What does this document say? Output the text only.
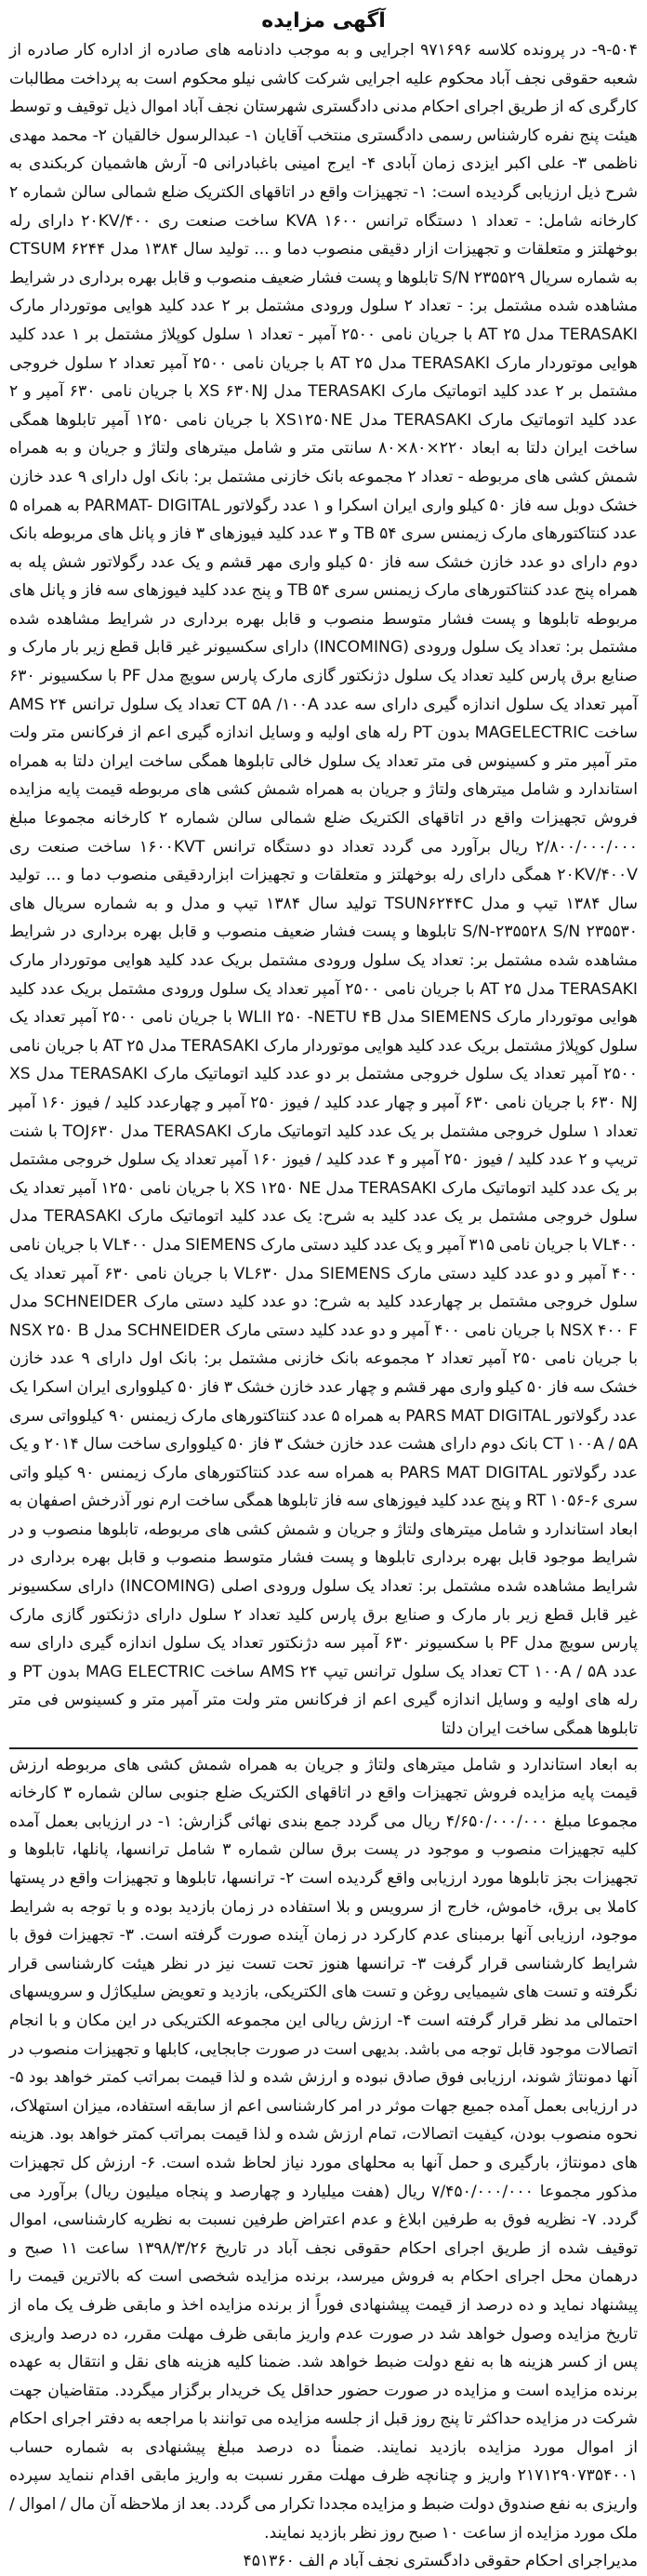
آگهی مزایده

۹-۵۰۴- در پرونده کلاسه ۹۷۱۶۹۶ اجرایی و به موجب دادنامه های صادره از اداره کار صادره از شعبه حقوقی نجف آباد محکوم علیه اجرایی شرکت کاشی نیلو محکوم است به پرداخت مطالبات کارگری که از طریق اجرای احکام مدنی دادگستری شهرستان نجف آباد اموال ذیل توقیف و توسط هیئت پنج نفره کارشناس رسمی دادگستری منتخب آقایان ۱- عبدالرسول خالقیان ۲- محمد مهدی ناظمی ۳- علی اکبر ایزدی زمان آبادی ۴- ایرج امینی باغبادرانی ۵- آرش هاشمیان کربکندی به شرح ذیل ارزیابی گردیده است: ۱- تجهیزات واقع در اتاقهای الکتریک ضلع شمالی سالن شماره ۲ کارخانه شامل: - تعداد ۱ دستگاه ترانس ۱۶۰۰ KVA ساخت صنعت ری ۲۰KV/۴۰۰ دارای رله بوخهلتز و متعلقات و تجهیزات ازار دقیقی منصوب دما و ... تولید سال ۱۳۸۴ مدل CTSUM ۶۲۴۴ به شماره سریال S/N ۲۳۵۵۲۹ تابلوها و پست فشار ضعیف منصوب و قابل بهره برداری در شرایط مشاهده شده مشتمل بر: - تعداد ۲ سلول ورودی مشتمل بر ۲ عدد کلید هوایی موتوردار مارک TERASAKI مدل AT ۲۵ با جریان نامی ۲۵۰۰ آمپر - تعداد ۱ سلول کوپلاژ مشتمل بر ۱ عدد کلید هوایی موتوردار مارک TERASAKI مدل AT ۲۵ با جریان نامی ۲۵۰۰ آمپر تعداد ۲ سلول خروجی مشتمل بر ۲ عدد کلید اتوماتیک مارک TERASAKI مدل XS ۶۳۰NJ با جریان نامی ۶۳۰ آمپر و ۲ عدد کلید اتوماتیک مارک TERASAKI مدل XS۱۲۵۰NE با جریان نامی ۱۲۵۰ آمپر تابلوها همگی ساخت ایران دلتا به ابعاد ۲۲۰×۸۰×۸۰ سانتی متر و شامل میترهای ولتاژ و جریان و به همراه شمش کشی های مربوطه - تعداد ۲ مجموعه بانک خازنی مشتمل بر: بانک اول دارای ۹ عدد خازن خشک دوبل سه فاز ۵۰ کیلو واری ایران اسکرا و ۱ عدد رگولاتور PARMAT- DIGITAL به همراه ۵ عدد کنتاکتورهای مارک زیمنس سری TB ۵۴ و ۳ عدد کلید فیوزهای ۳ فاز و پانل های مربوطه بانک دوم دارای دو عدد خازن خشک سه فاز ۵۰ کیلو واری مهر قشم و یک عدد رگولاتور شش پله به همراه پنج عدد کنتاکتورهای مارک زیمنس سری TB ۵۴ و پنج عدد کلید فیوزهای سه فاز و پانل های مربوطه تابلوها و پست فشار متوسط منصوب و قابل بهره برداری در شرایط مشاهده شده مشتمل بر: تعداد یک سلول ورودی (INCOMING) دارای سکسیونر غیر قابل قطع زیر بار مارک و صنایع برق پارس کلید تعداد یک سلول دژنکتور گازی مارک پارس سویچ مدل PF با سکسیونر ۶۳۰ آمپر تعداد یک سلول اندازه گیری دارای سه عدد CT ۵A /۱۰۰A تعداد یک سلول ترانس AMS ۲۴ ساخت MAGELECTRIC بدون PT رله های اولیه و وسایل اندازه گیری اعم از فرکانس متر ولت متر آمپر متر و کسینوس فی متر تعداد یک سلول خالی تابلوها همگی ساخت ایران دلتا به همراه استاندارد و شامل میترهای ولتاژ و جریان به همراه شمش کشی های مربوطه قیمت پایه مزایده فروش تجهیزات واقع در اتاقهای الکتریک ضلع شمالی سالن شماره ۲ کارخانه مجموعا مبلغ ۲/۸۰۰/۰۰۰/۰۰۰ ریال برآورد می گردد تعداد دو دستگاه ترانس ۱۶۰۰KVT ساخت صنعت ری ۲۰KV/۴۰۰V همگی دارای رله بوخهلتز و متعلقات و تجهیزات ابزاردقیقی منصوب دما و ... تولید سال ۱۳۸۴ تیپ و مدل TSUN۶۲۴۴C تولید سال ۱۳۸۴ تیپ و مدل و به شماره سریال های S/N-۲۳۵۵۲۸ S/N ۲۳۵۵۳۰ تابلوها و پست فشار ضعیف منصوب و قابل بهره برداری در شرایط مشاهده شده مشتمل بر: تعداد یک سلول ورودی مشتمل بریک عدد کلید هوایی موتوردار مارک TERASAKI مدل AT ۲۵ با جریان نامی ۲۵۰۰ آمپر تعداد یک سلول ورودی مشتمل بریک عدد کلید هوایی موتوردار مارک SIEMENS مدل WLII ۲۵۰ -NETU ۴B با جریان نامی ۲۵۰۰ آمپر تعداد یک سلول کوپلاژ مشتمل بریک عدد کلید هوایی موتوردار مارک TERASAKI مدل AT ۲۵ با جریان نامی ۲۵۰۰ آمپر تعداد یک سلول خروجی مشتمل بر دو عدد کلید اتوماتیک مارک TERASAKI مدل XS ۶۳۰ NJ با جریان نامی ۶۳۰ آمپر و چهار عدد کلید / فیوز ۲۵۰ آمپر و چهارعدد کلید / فیوز ۱۶۰ آمپر تعداد ۱ سلول خروجی مشتمل بر یک عدد کلید اتوماتیک مارک TERASAKI مدل TOJ۶۳۰ با شنت تریپ و ۲ عدد کلید / فیوز ۲۵۰ آمپر و ۴ عدد کلید / فیوز ۱۶۰ آمپر تعداد یک سلول خروجی مشتمل بر یک عدد کلید اتوماتیک مارک TERASAKI مدل XS ۱۲۵۰ NE با جریان نامی ۱۲۵۰ آمپر تعداد یک سلول خروجی مشتمل بر یک عدد کلید به شرح: یک عدد کلید اتوماتیک مارک TERASAKI مدل VL۴۰۰ با جریان نامی ۳۱۵ آمپر و یک عدد کلید دستی مارک SIEMENS مدل VL۴۰۰ با جریان نامی ۴۰۰ آمپر و دو عدد کلید دستی مارک SIEMENS مدل VL۶۳۰ با جریان نامی ۶۳۰ آمپر تعداد یک سلول خروجی مشتمل بر چهارعدد کلید به شرح: دو عدد کلید دستی مارک SCHNEIDER مدل NSX ۴۰۰ F با جریان نامی ۴۰۰ آمپر و دو عدد کلید دستی مارک SCHNEIDER مدل NSX ۲۵۰ B با جریان نامی ۲۵۰ آمپر تعداد ۲ مجموعه بانک خازنی مشتمل بر: بانک اول دارای ۹ عدد خازن خشک سه فاز ۵۰ کیلو واری مهر قشم و چهار عدد خازن خشک ۳ فاز ۵۰ کیلوواری ایران اسکرا یک عدد رگولاتور PARS MAT DIGITAL به همراه ۵ عدد کنتاکتورهای مارک زیمنس ۹۰ کیلوواتی سری CT ۱۰۰A / ۵A بانک دوم دارای هشت عدد خازن خشک ۳ فاز ۵۰ کیلوواری ساخت سال ۲۰۱۴ و یک عدد رگولاتور PARS MAT DIGITAL به همراه سه عدد کنتاکتورهای مارک زیمنس ۹۰ کیلو واتی سری RT ۱۰۵۶-۶ و پنج عدد کلید فیوزهای سه فاز تابلوها همگی ساخت ارم نور آذرخش اصفهان به ابعاد استاندارد و شامل میترهای ولتاژ و جریان و شمش کشی های مربوطه، تابلوها منصوب و در شرایط موجود قابل بهره برداری تابلوها و پست فشار متوسط منصوب و قابل بهره برداری در شرایط مشاهده شده مشتمل بر: تعداد یک سلول ورودی اصلی (INCOMING) دارای سکسیونر غیر قابل قطع زیر بار مارک و صنایع برق پارس کلید تعداد ۲ سلول دارای دژنکتور گازی مارک پارس سویچ مدل PF با سکسیونر ۶۳۰ آمپر سه دژنکتور تعداد یک سلول اندازه گیری دارای سه عدد CT ۱۰۰A / ۵A تعداد یک سلول ترانس تیپ AMS ۲۴ ساخت MAG ELECTRIC بدون PT و رله های اولیه و وسایل اندازه گیری اعم از فرکانس متر ولت متر آمپر متر و کسینوس فی متر تابلوها همگی ساخت ایران دلتا

به ابعاد استاندارد و شامل میترهای ولتاژ و جریان به همراه شمش کشی های مربوطه ارزش قیمت پایه مزایده فروش تجهیزات واقع در اتاقهای الکتریک ضلع جنوبی سالن شماره ۳ کارخانه مجموعا مبلغ ۴/۶۵۰/۰۰۰/۰۰۰ ریال می گردد جمع بندی نهائی گزارش: ۱- در ارزیابی بعمل آمده کلیه تجهیزات منصوب و موجود در پست برق سالن شماره ۳ شامل ترانسها، پانلها، تابلوها و تجهیزات بجز تابلوها مورد ارزیابی واقع گردیده است ۲- ترانسها، تابلوها و تجهیزات واقع در پستها کاملا بی برق، خاموش، خارج از سرویس و بلا استفاده در زمان بازدید بوده و با توجه به شرایط موجود، ارزیابی آنها برمبنای عدم کارکرد در زمان آینده صورت گرفته است. ۳- تجهیزات فوق با شرایط کارشناسی قرار گرفت ۳- ترانسها هنوز تحت تست نیز در نظر هیئت کارشناسی قرار نگرفته و تست های شیمیایی روغن و تست های الکتریکی، بازدید و تعویض سلیکاژل و سرویسهای احتمالی مد نظر قرار گرفته است ۴- ارزش ریالی این مجموعه الکتریکی در این مکان و با انجام اتصالات موجود قابل توجه می باشد. بدیهی است در صورت جابجایی، کابلها و تجهیزات منصوب در آنها دمونتاژ شوند، ارزیابی فوق صادق نبوده و ارزش شده و لذا قیمت بمراتب کمتر خواهد بود ۵- در ارزیابی بعمل آمده جمیع جهات موثر در امر کارشناسی اعم از سابقه استفاده، میزان استهلاک، نحوه منصوب بودن، کیفیت اتصالات، تمام ارزش شده و لذا قیمت بمراتب کمتر خواهد بود. هزینه های دمونتاژ، بارگیری و حمل آنها به محلهای مورد نیاز لحاظ شده است. ۶- ارزش کل تجهیزات مذکور مجموعا ۷/۴۵۰/۰۰۰/۰۰۰ ریال (هفت میلیارد و چهارصد و پنجاه میلیون ریال) برآورد می گردد. ۷- نظریه فوق به طرفین ابلاغ و عدم اعتراض طرفین نسبت به نظریه کارشناسی، اموال توقیف شده از طریق اجرای احکام حقوقی نجف آباد در تاریخ ۱۳۹۸/۳/۲۶ ساعت ۱۱ صبح و درهمان محل اجرای احکام به فروش میرسد، برنده مزایده شخصی است که بالاترین قیمت را پیشنهاد نماید و ده درصد از قیمت پیشنهادی فوراً از برنده مزایده اخذ و مابقی ظرف یک ماه از تاریخ مزایده وصول خواهد شد در صورت عدم واریز مابقی ظرف مهلت مقرر، ده درصد واریزی پس از کسر هزینه ها به نفع دولت ضبط خواهد شد. ضمنا کلیه هزینه های نقل و انتقال به عهده برنده مزایده است و مزایده در صورت حضور حداقل یک خریدار برگزار میگردد. متقاضیان جهت شرکت در مزایده حداکثر تا پنج روز قبل از جلسه مزایده می توانند با مراجعه به دفتر اجرای احکام از اموال مورد مزایده بازدید نمایند. ضمناً ده درصد مبلغ پیشنهادی به شماره حساب ۲۱۷۱۲۹۰۷۳۵۴۰۰۱ واریز و چنانچه ظرف مهلت مقرر نسبت به واریز مابقی اقدام ننماید سپرده واریزی به نفع صندوق دولت ضبط و مزایده مجددا تکرار می گردد. بعد از ملاحظه آن مال / اموال / ملک مورد مزایده از ساعت ۱۰ صبح روز نظر بازدید نمایند.

مدیراجرای احکام حقوقی دادگستری نجف آباد م الف ۴۵۱۳۶۰
